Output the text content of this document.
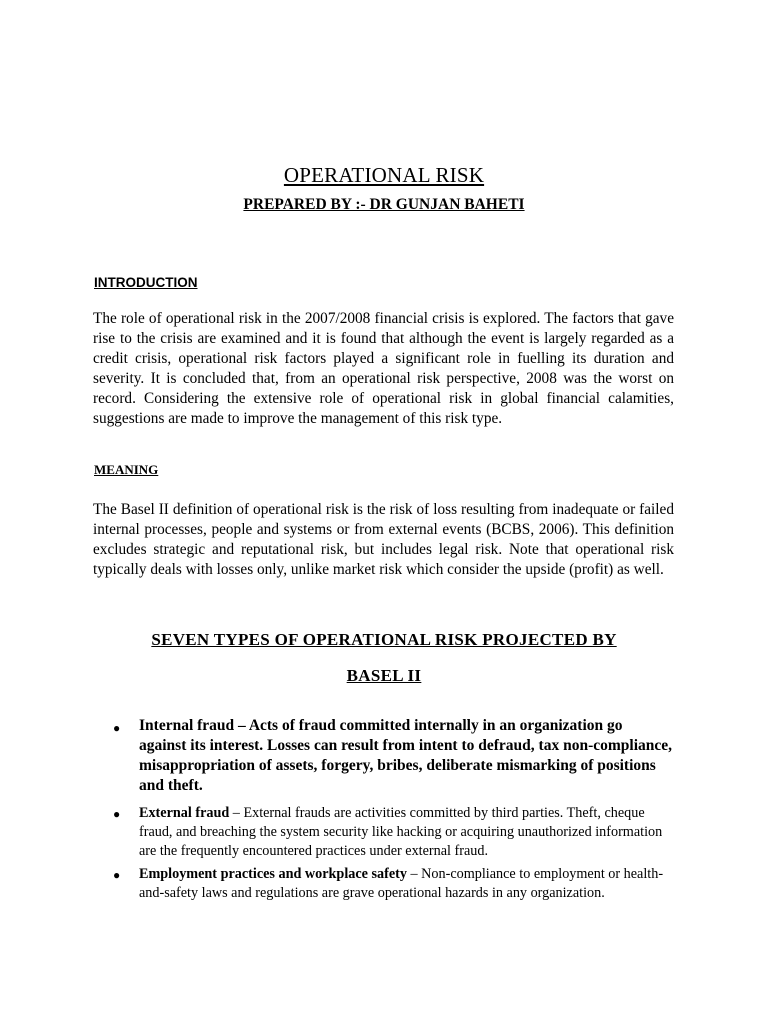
OPERATIONAL RISK
PREPARED BY :- DR GUNJAN BAHETI
INTRODUCTION
The role of operational risk in the 2007/2008 financial crisis is explored. The factors that gave rise to the crisis are examined and it is found that although the event is largely regarded as a credit crisis, operational risk factors played a significant role in fuelling its duration and severity. It is concluded that, from an operational risk perspective, 2008 was the worst on record. Considering the extensive role of operational risk in global financial calamities, suggestions are made to improve the management of this risk type.
MEANING
The Basel II definition of operational risk is the risk of loss resulting from inadequate or failed internal processes, people and systems or from external events (BCBS, 2006). This definition excludes strategic and reputational risk, but includes legal risk. Note that operational risk typically deals with losses only, unlike market risk which consider the upside (profit) as well.
SEVEN TYPES OF OPERATIONAL RISK PROJECTED BY
BASEL II
● Internal fraud – Acts of fraud committed internally in an organization go against its interest. Losses can result from intent to defraud, tax non-compliance, misappropriation of assets, forgery, bribes, deliberate mismarking of positions and theft.
● External fraud – External frauds are activities committed by third parties. Theft, cheque fraud, and breaching the system security like hacking or acquiring unauthorized information are the frequently encountered practices under external fraud.
● Employment practices and workplace safety – Non-compliance to employment or health-and-safety laws and regulations are grave operational hazards in any organization.
